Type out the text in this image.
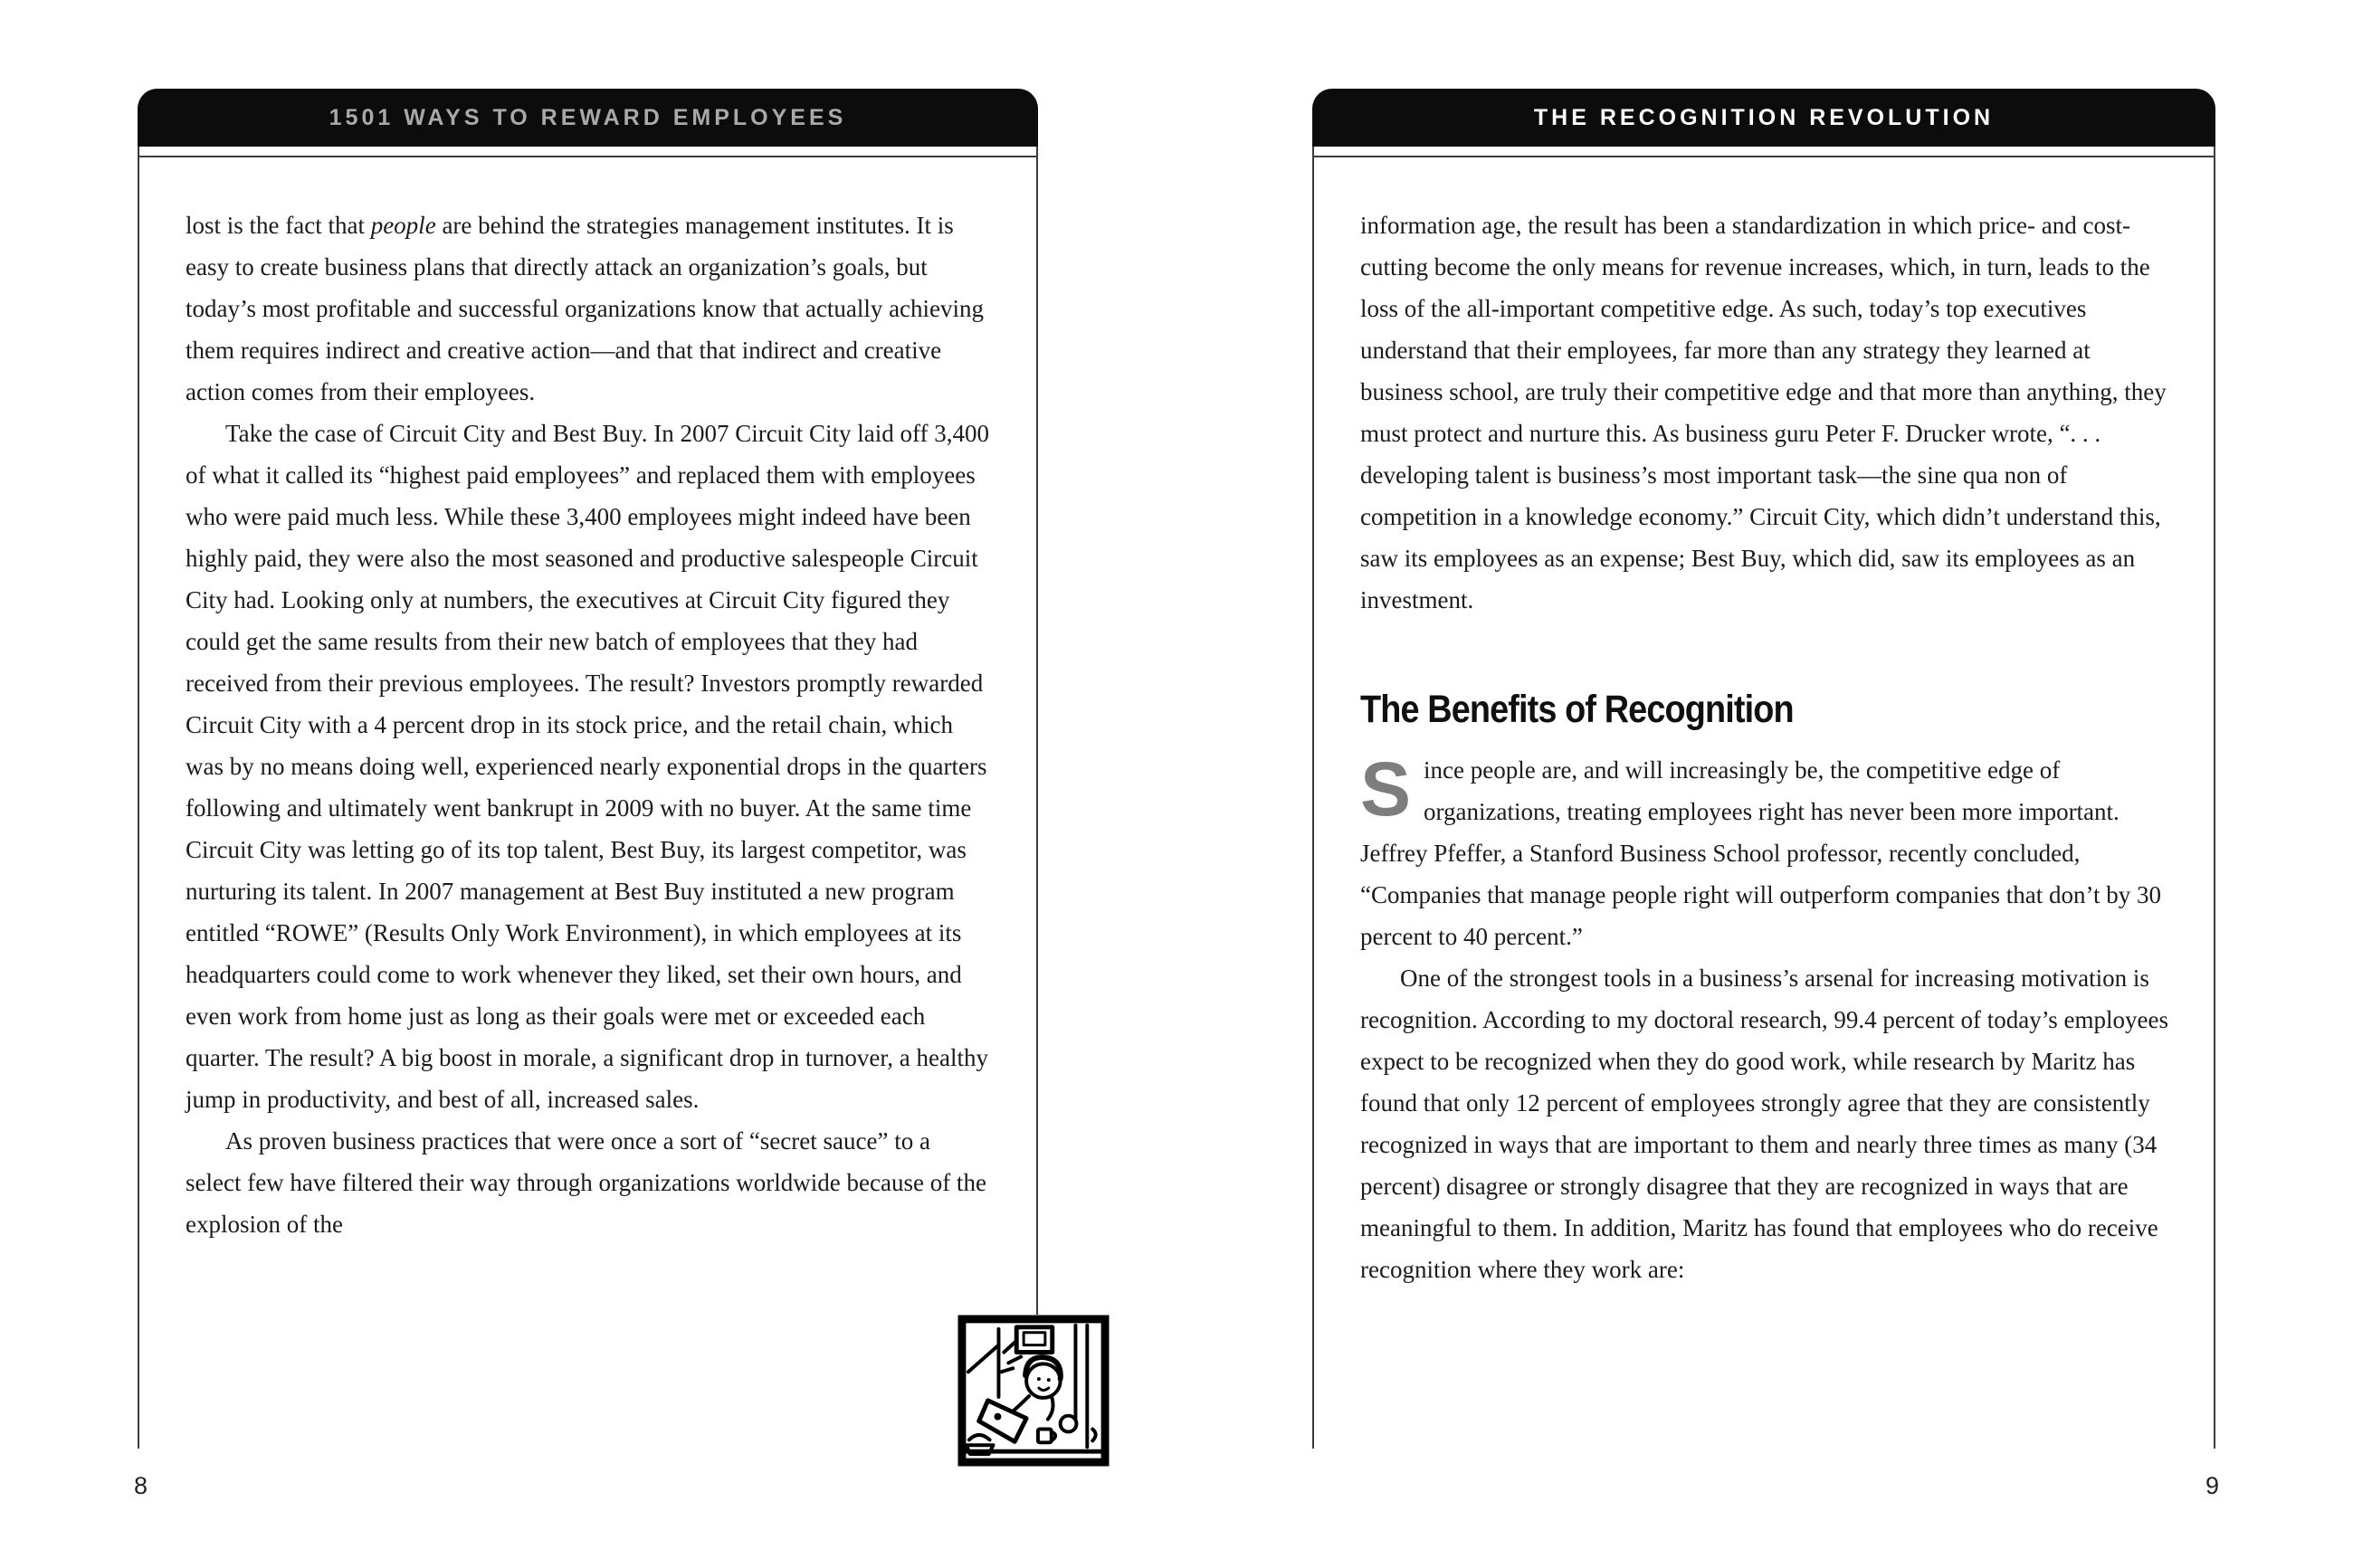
1501 WAYS TO REWARD EMPLOYEES

lost is the fact that people are behind the strategies management institutes. It is easy to create business plans that directly attack an organization’s goals, but today’s most profitable and successful organizations know that actually achieving them requires indirect and creative action—and that that indirect and creative action comes from their employees.

Take the case of Circuit City and Best Buy. In 2007 Circuit City laid off 3,400 of what it called its “highest paid employees” and replaced them with employees who were paid much less. While these 3,400 employees might indeed have been highly paid, they were also the most seasoned and productive salespeople Circuit City had. Looking only at numbers, the executives at Circuit City figured they could get the same results from their new batch of employees that they had received from their previous employees. The result? Investors promptly rewarded Circuit City with a 4 percent drop in its stock price, and the retail chain, which was by no means doing well, experienced nearly exponential drops in the quarters following and ultimately went bankrupt in 2009 with no buyer. At the same time Circuit City was letting go of its top talent, Best Buy, its largest competitor, was nurturing its talent. In 2007 management at Best Buy instituted a new program entitled “ROWE” (Results Only Work Environment), in which employees at its headquarters could come to work whenever they liked, set their own hours, and even work from home just as long as their goals were met or exceeded each quarter. The result? A big boost in morale, a significant drop in turnover, a healthy jump in productivity, and best of all, increased sales.

As proven business practices that were once a sort of “secret sauce” to a select few have filtered their way through organizations worldwide because of the explosion of the

8
THE RECOGNITION REVOLUTION

information age, the result has been a standardization in which price- and cost-cutting become the only means for revenue increases, which, in turn, leads to the loss of the all-important competitive edge. As such, today’s top executives understand that their employees, far more than any strategy they learned at business school, are truly their competitive edge and that more than anything, they must protect and nurture this. As business guru Peter F. Drucker wrote, “. . . developing talent is business’s most important task—the sine qua non of competition in a knowledge economy.” Circuit City, which didn’t understand this, saw its employees as an expense; Best Buy, which did, saw its employees as an investment.

The Benefits of Recognition

Since people are, and will increasingly be, the competitive edge of organizations, treating employees right has never been more important. Jeffrey Pfeffer, a Stanford Business School professor, recently concluded, “Companies that manage people right will outperform companies that don’t by 30 percent to 40 percent.”

One of the strongest tools in a business’s arsenal for increasing motivation is recognition. According to my doctoral research, 99.4 percent of today’s employees expect to be recognized when they do good work, while research by Maritz has found that only 12 percent of employees strongly agree that they are consistently recognized in ways that are important to them and nearly three times as many (34 percent) disagree or strongly disagree that they are recognized in ways that are meaningful to them. In addition, Maritz has found that employees who do receive recognition where they work are:

9
